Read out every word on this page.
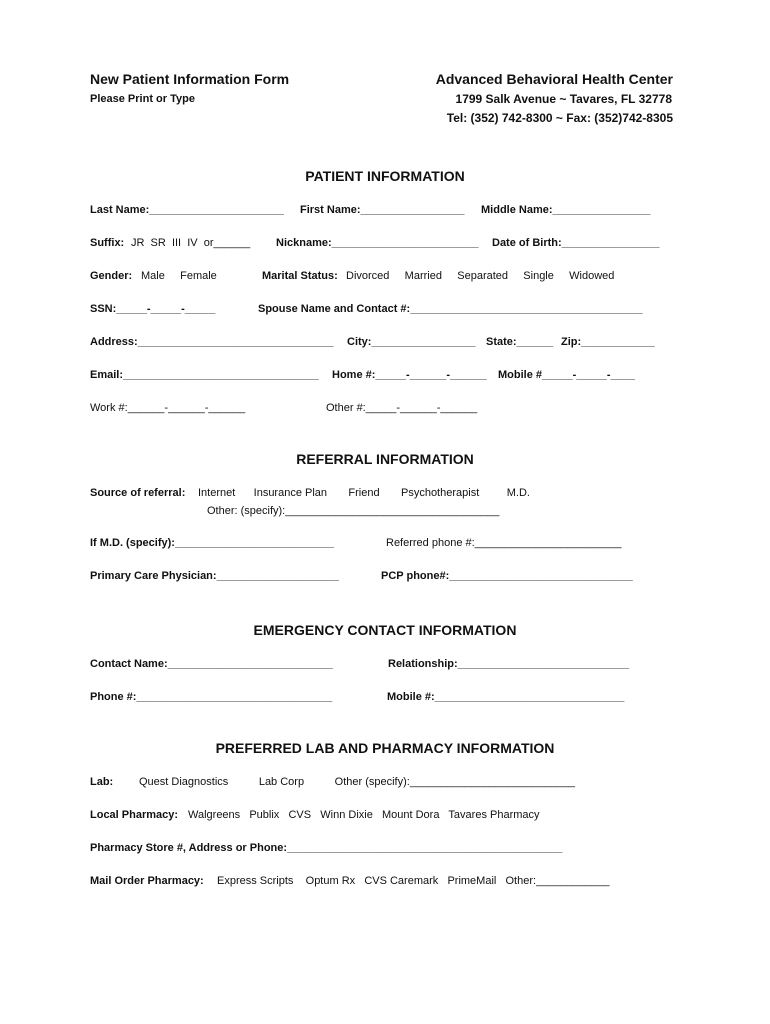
New Patient Information Form
Please Print or Type
Advanced Behavioral Health Center
1799 Salk Avenue ~ Tavares, FL 32778
Tel: (352) 742-8300 ~ Fax: (352)742-8305
PATIENT INFORMATION
Last Name:______________________ First Name:_________________ Middle Name:________________
Suffix: JR  SR  III  IV  or______ Nickname:________________________ Date of Birth:________________
Gender: Male     Female	Marital Status: Divorced     Married     Separated     Single     Widowed
SSN:_____-_____-_____	Spouse Name and Contact #:______________________________________
Address:________________________________ City:_________________ State:______ Zip:____________
Email:________________________________ Home #:_____-______-______ Mobile #_____-_____-____
Work #:______-______-______	Other #:_____-______-______
REFERRAL INFORMATION
Source of referral: Internet      Insurance Plan       Friend       Psychotherapist         M.D.
Other: (specify):___________________________________
If M.D. (specify):__________________________	Referred phone #:________________________
Primary Care Physician:____________________	PCP phone#:______________________________
EMERGENCY CONTACT INFORMATION
Contact Name:___________________________	Relationship:____________________________
Phone #:________________________________	Mobile #:_______________________________
PREFERRED LAB AND PHARMACY INFORMATION
Lab: Quest Diagnostics          Lab Corp          Other (specify):___________________________
Local Pharmacy: Walgreens   Publix   CVS   Winn Dixie   Mount Dora   Tavares Pharmacy
Pharmacy Store #, Address or Phone:_____________________________________________
Mail Order Pharmacy: Express Scripts    Optum Rx   CVS Caremark   PrimeMail   Other:____________
